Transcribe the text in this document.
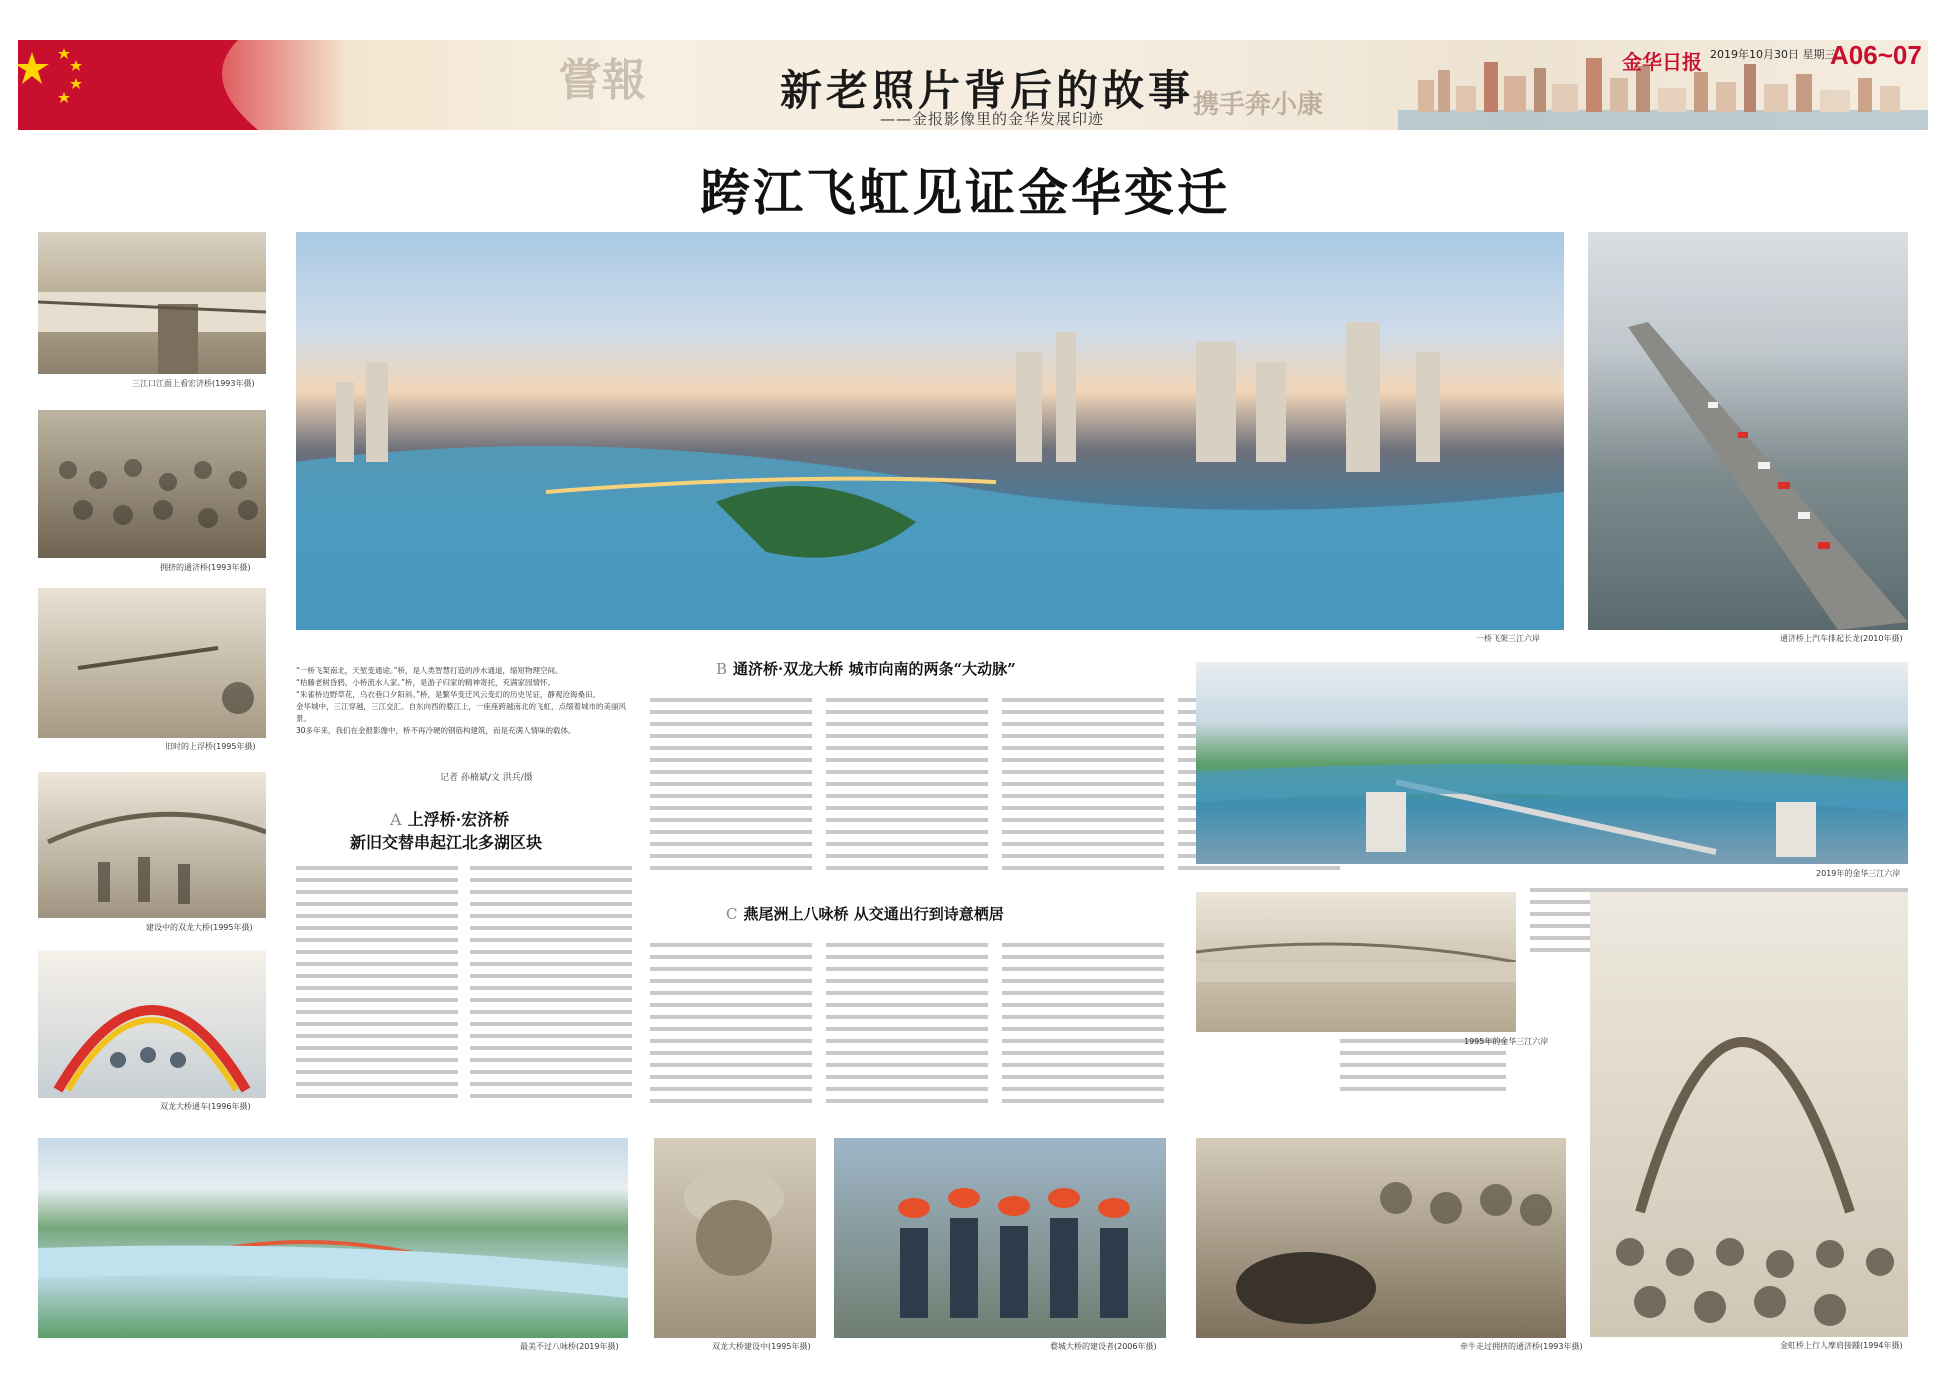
嘗報	携手奔小康
新老照片背后的故事
——金报影像里的金华发展印迹
金华日报 2019年10月30日 星期三
A06~07
跨江飞虹见证金华变迁
三江口江面上看宏济桥(1993年摄)
拥挤的通济桥(1993年摄)
旧时的上浮桥(1995年摄)
一桥飞架三江六岸	通济桥上汽车排起长龙(2010年摄)

“一桥飞架南北，天堑变通途。”桥，是人类智慧打造的涉水通道，缩短物理空间。

“枯藤老树昏鸦，小桥流水人家。”桥，是游子归家的精神寄托，充满家园情怀。

“朱雀桥边野草花，乌衣巷口夕阳斜。”桥，是繁华变迁风云变幻的历史见证，静观沧海桑田。

金华城中，三江穿越，三江交汇。自东向西的婺江上，一座座跨越南北的飞虹，点缀着城市的美丽风景。

30多年来，我们在金报影像中，桥不再冷硬的钢筋构建筑，而是充满人情味的载体。

记者 孙楠斌/文 洪兵/摄
A 上浮桥·宏济桥
新旧交替串起江北多湖区块
建设中的双龙大桥(1995年摄)
双龙大桥通车(1996年摄)
B 通济桥·双龙大桥 城市向南的两条“大动脉”
C 燕尾洲上八咏桥 从交通出行到诗意栖居
2019年的金华三江六岸
1995年的金华三江六岸
金虹桥上行人摩肩接踵(1994年摄)
最美不过八咏桥(2019年摄)	双龙大桥建设中(1995年摄)	婺城大桥的建设者(2006年摄)	牵牛走过拥挤的通济桥(1993年摄)
